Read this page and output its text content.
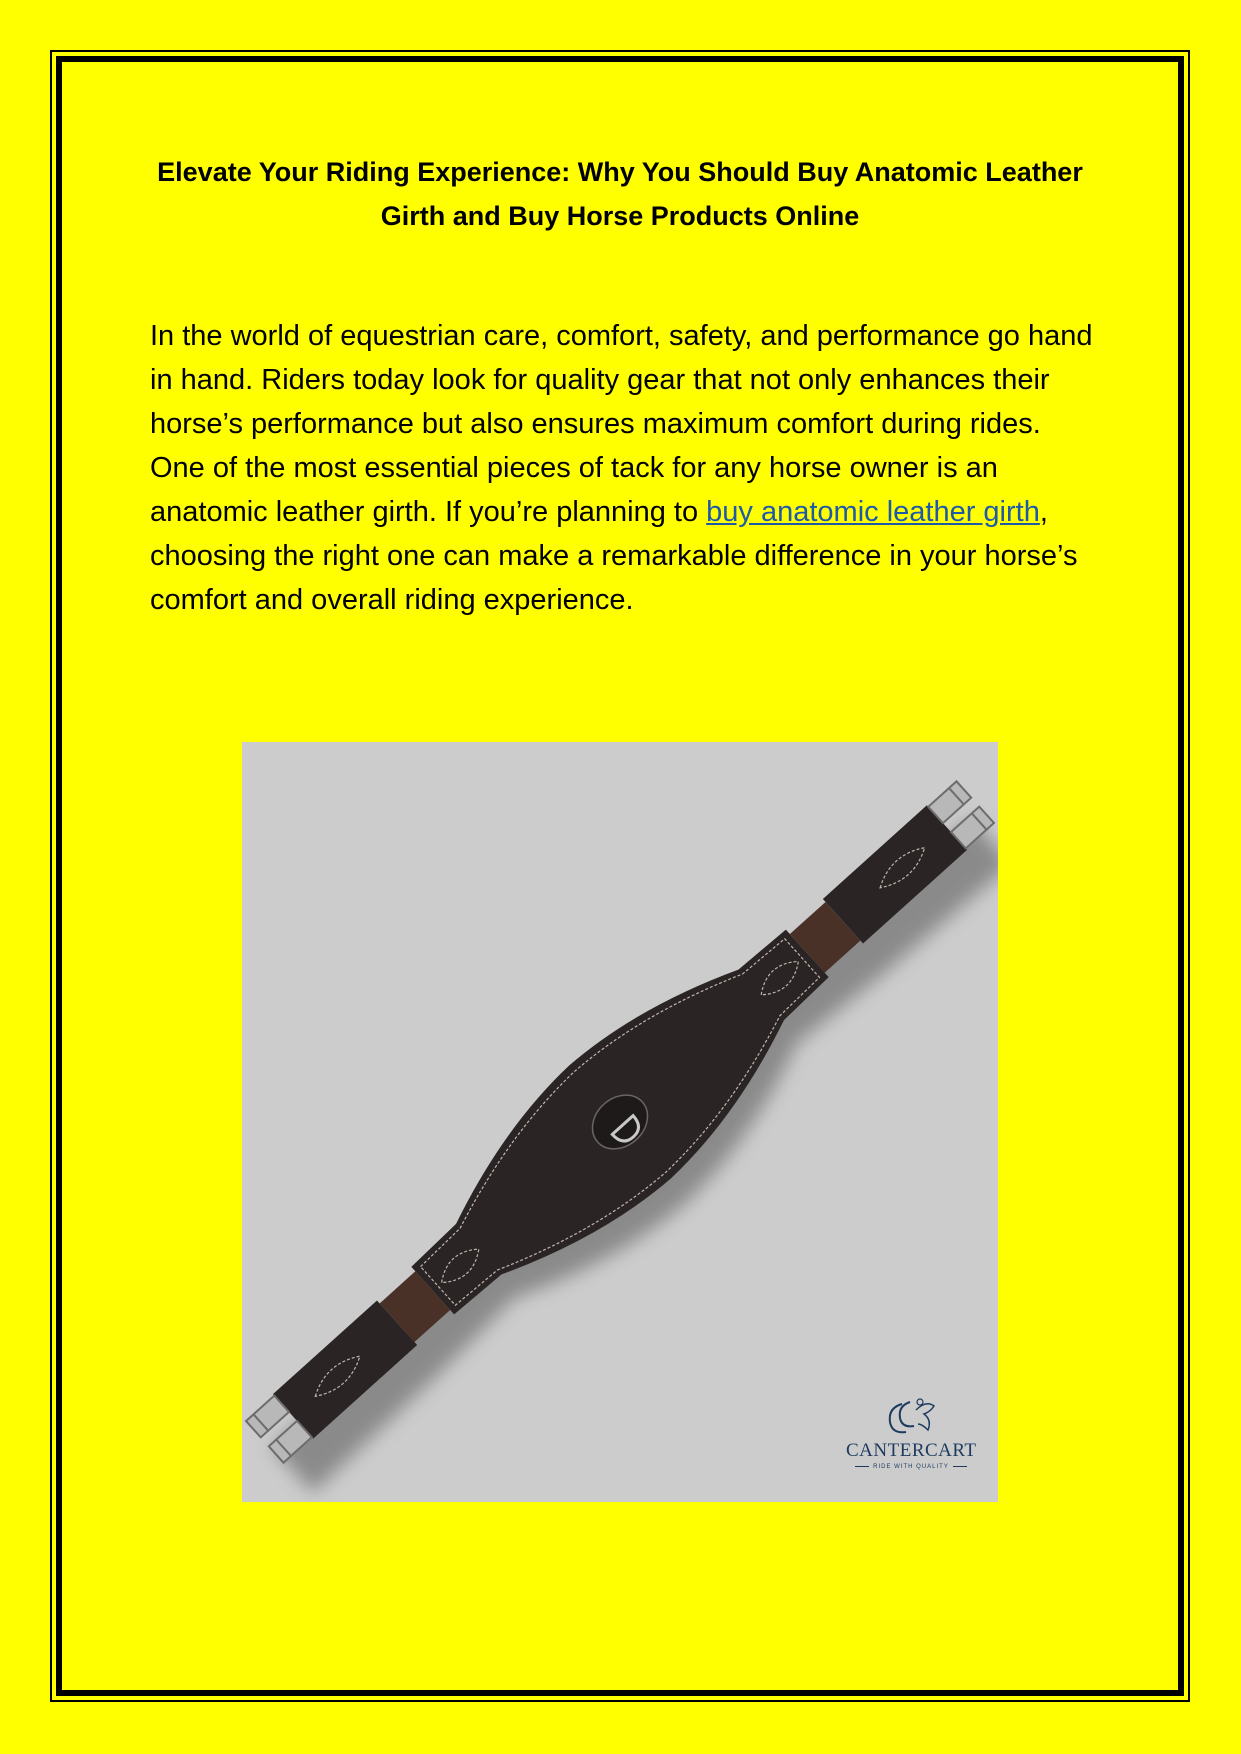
Elevate Your Riding Experience: Why You Should Buy Anatomic Leather Girth and Buy Horse Products Online

In the world of equestrian care, comfort, safety, and performance go hand in hand. Riders today look for quality gear that not only enhances their horse’s performance but also ensures maximum comfort during rides. One of the most essential pieces of tack for any horse owner is an anatomic leather girth. If you’re planning to buy anatomic leather girth, choosing the right one can make a remarkable difference in your horse’s comfort and overall riding experience.

CANTERCART
RIDE WITH QUALITY
